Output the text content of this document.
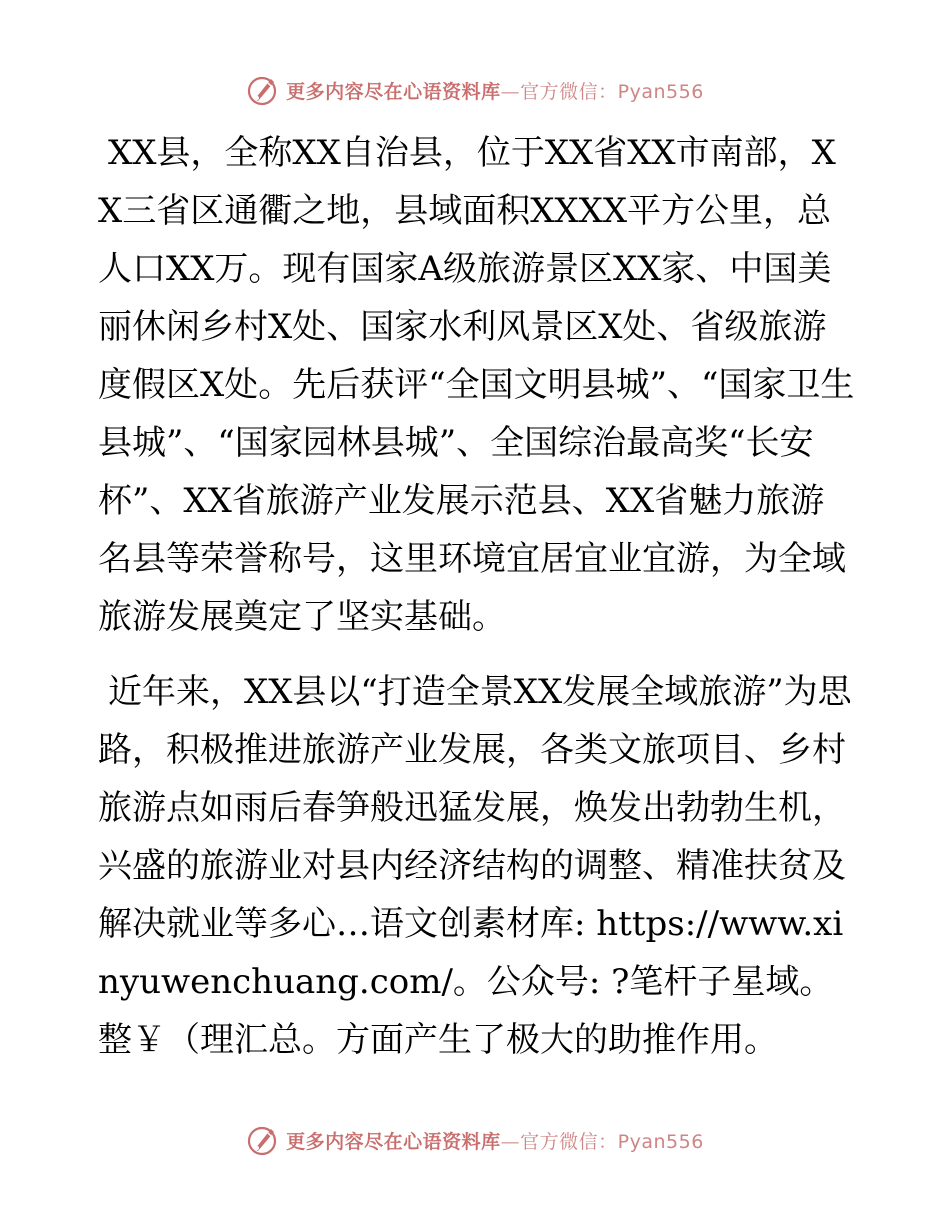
更多内容尽在心语资料库—官方微信：Pyan556

XX县，全称XX自治县，位于XX省XX市南部，XX三省区通衢之地，县域面积XXXX平方公里，总人口XX万。现有国家A级旅游景区XX家、中国美丽休闲乡村X处、国家水利风景区X处、省级旅游度假区X处。先后获评“全国文明县城”、“国家卫生县城”、“国家园林县城”、全国综治最高奖“长安杯”、XX省旅游产业发展示范县、XX省魅力旅游名县等荣誉称号，这里环境宜居宜业宜游，为全域旅游发展奠定了坚实基础。

近年来，XX县以“打造全景XX发展全域旅游”为思路，积极推进旅游产业发展，各类文旅项目、乡村旅游点如雨后春笋般迅猛发展，焕发出勃勃生机，兴盛的旅游业对县内经济结构的调整、精准扶贫及解决就业等多心…语文创素材库: https://www.xinyuwenchuang.com/。公众号: ?笔杆子星域。整￥（理汇总。方面产生了极大的助推作用。

更多内容尽在心语资料库—官方微信：Pyan556
